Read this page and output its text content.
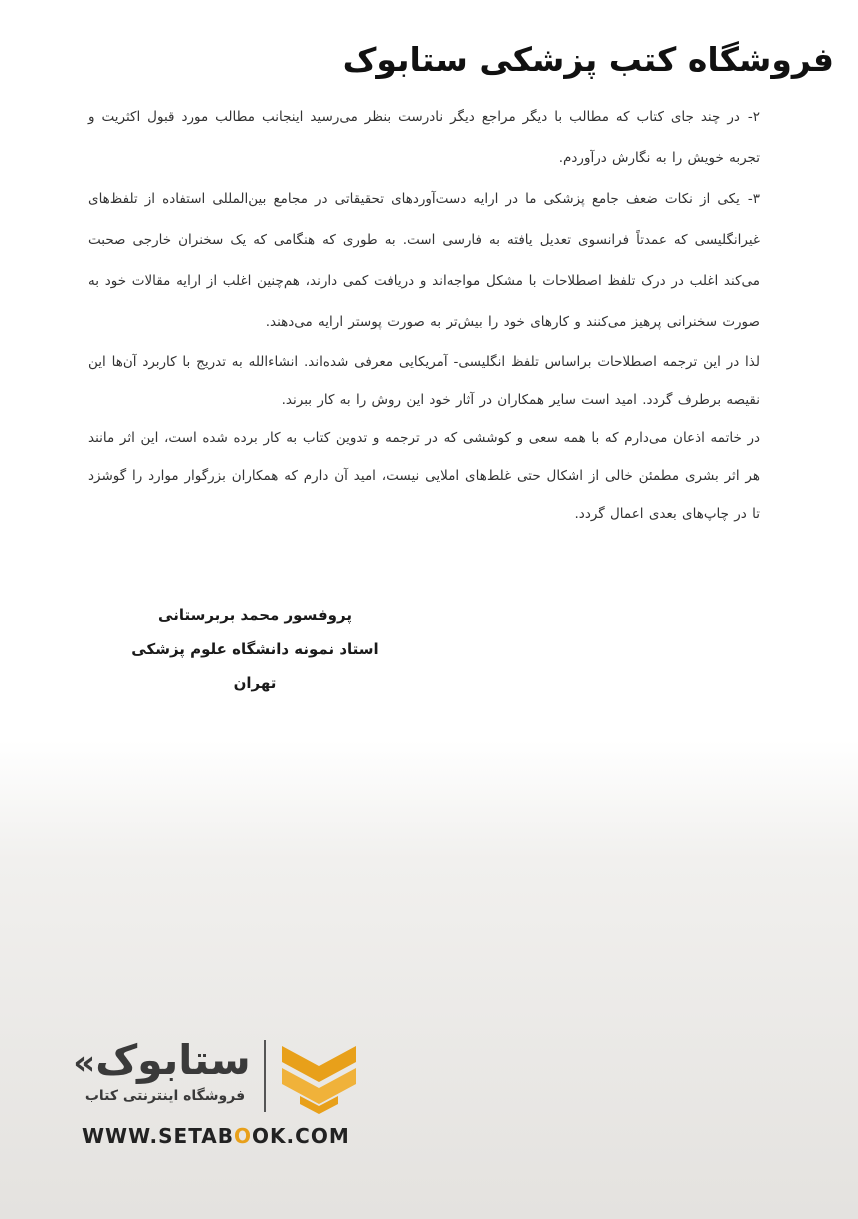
فروشگاه کتب پزشکی ستابوک

۲-در چند جای کتاب که مطالب با دیگر مراجع دیگر نادرست بنظر می‌رسید اینجانب مطالب مورد قبول اکثریت و تجربه خویش را به نگارش درآوردم.

۳-یکی از نکات ضعف جامع پزشکی ما در ارایه دست‌آوردهای تحقیقاتی در مجامع بین‌المللی استفاده از تلفظ‌های غیرانگلیسی که عمدتاً فرانسوی تعدیل یافته به فارسی است. به طوری که هنگامی که یک سخنران خارجی صحبت می‌کند اغلب در درک تلفظ اصطلاحات با مشکل مواجه‌اند و دریافت کمی دارند، هم‌چنین اغلب از ارایه مقالات خود به صورت سخنرانی پرهیز می‌کنند و کارهای خود را بیش‌تر به صورت پوستر ارایه می‌دهند.

لذا در این ترجمه اصطلاحات براساس تلفظ انگلیسی- آمریکایی معرفی شده‌اند. انشاءالله به تدریج با کاربرد آن‌ها این نقیصه برطرف گردد. امید است سایر همکاران در آثار خود این روش را به کار ببرند.

در خاتمه اذعان می‌دارم که با همه سعی و کوششی که در ترجمه و تدوین کتاب به کار برده شده است، این اثر مانند هر اثر بشری مطمئن خالی از اشکال حتی غلط‌های املایی نیست، امید آن دارم که همکاران بزرگوار موارد را گوشزد تا در چاپ‌های بعدی اعمال گردد.

پروفسور محمد بربرستانی
استاد نمونه دانشگاه علوم پزشکی تهران
«ستابوک
فروشگاه اینترنتی کتاب
WWW.SETABOOK.COM
